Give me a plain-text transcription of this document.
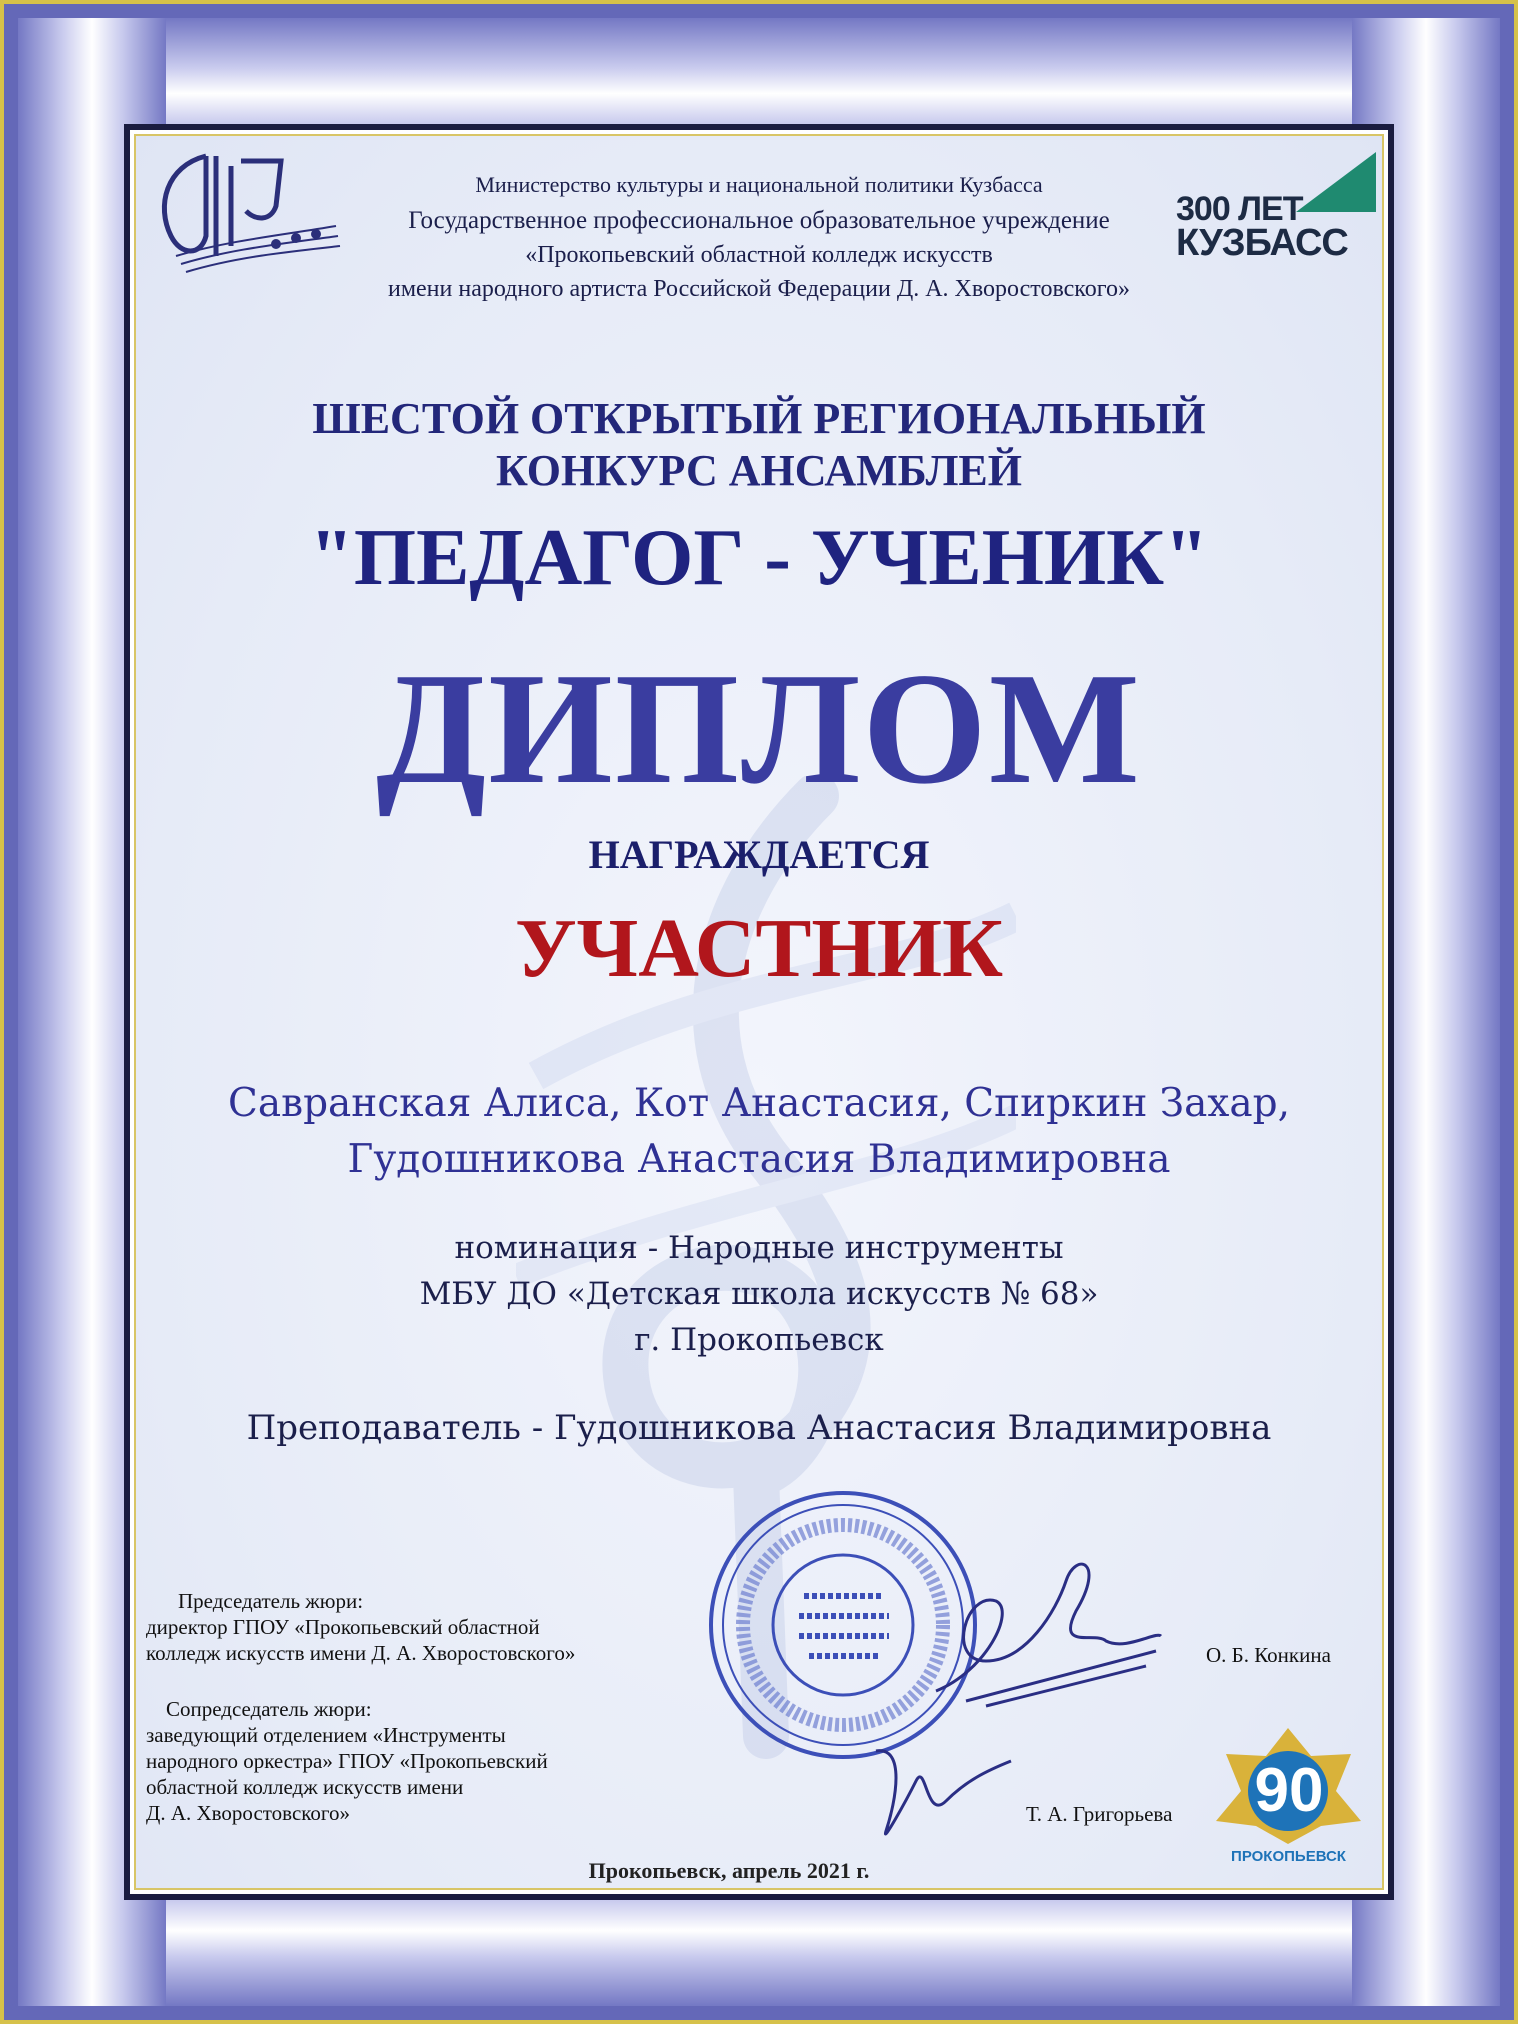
300 ЛЕТ
КУЗБАСС
Министерство культуры и национальной политики Кузбасса
Государственное профессиональное образовательное учреждение
«Прокопьевский областной колледж искусств
имени народного артиста Российской Федерации Д. А. Хворостовского»
ШЕСТОЙ ОТКРЫТЫЙ РЕГИОНАЛЬНЫЙ
КОНКУРС АНСАМБЛЕЙ
"ПЕДАГОГ - УЧЕНИК"
ДИПЛОМ
НАГРАЖДАЕТСЯ
УЧАСТНИК
Савранская Алиса, Кот Анастасия, Спиркин Захар,
Гудошникова Анастасия Владимировна
номинация - Народные инструменты
МБУ ДО «Детская школа искусств № 68»
г. Прокопьевск
Преподаватель - Гудошникова Анастасия Владимировна
Председатель жюри:
директор ГПОУ «Прокопьевский областной
колледж искусств имени Д. А. Хворостовского»	О. Б. Конкина
Сопредседатель жюри:
заведующий отделением «Инструменты
народного оркестра» ГПОУ «Прокопьевский
областной колледж искусств имени
Д. А. Хворостовского»	Т. А. Григорьева	90
ПРОКОПЬЕВСК
Прокопьевск, апрель 2021 г.
